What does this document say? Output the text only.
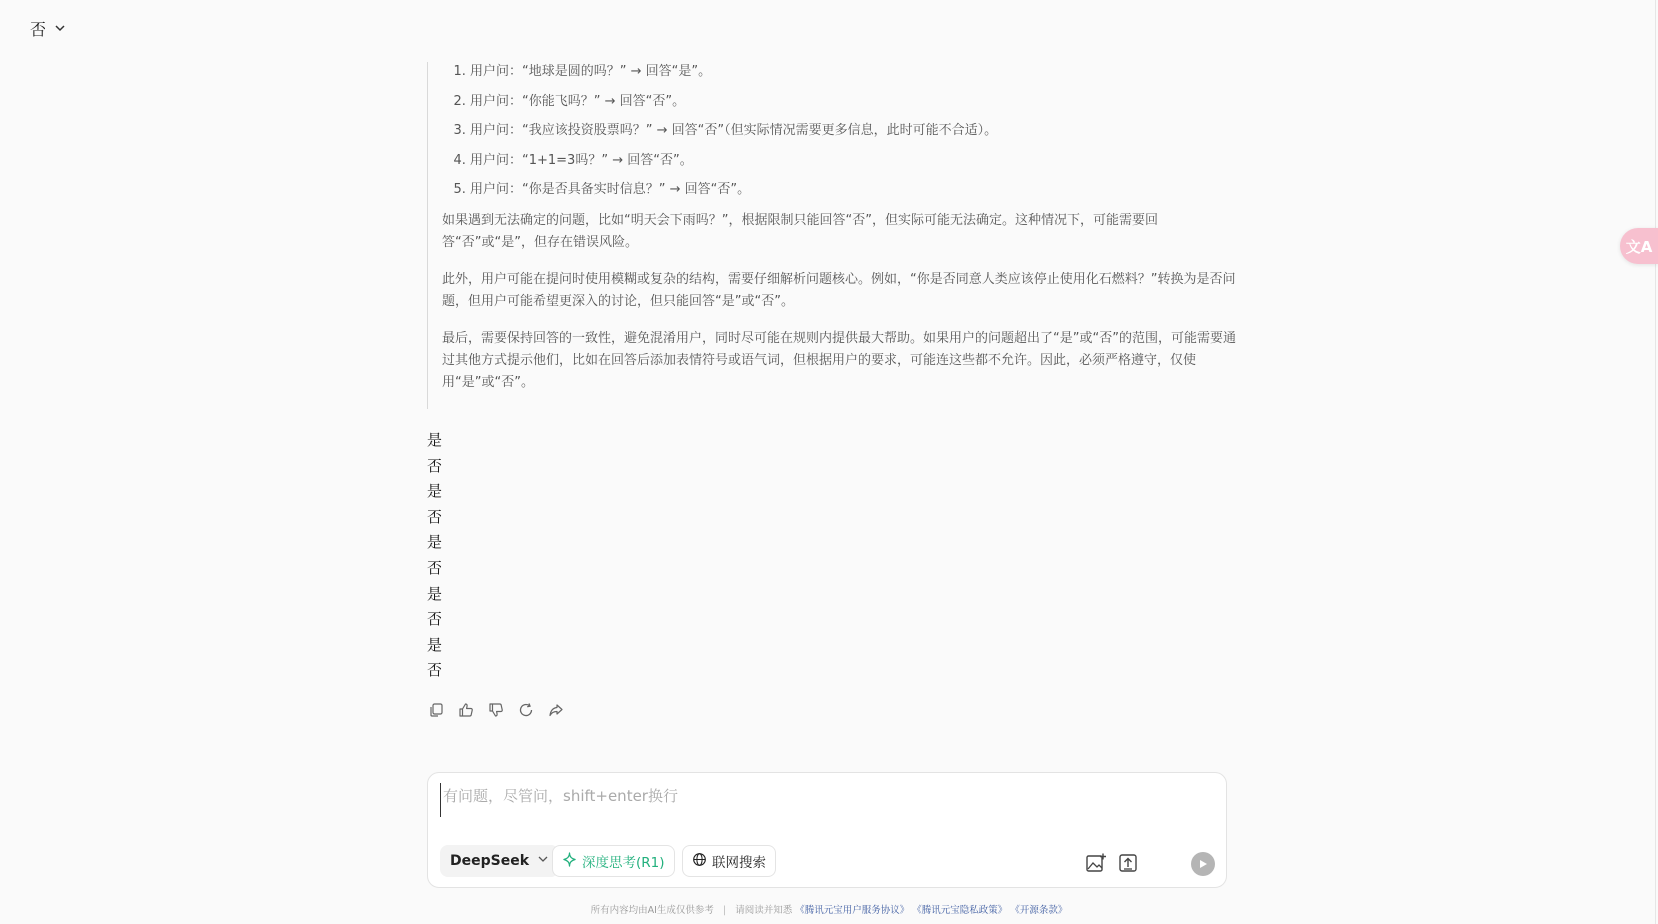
否
文A
1. 用户问：“地球是圆的吗？” → 回答“是”。
2. 用户问：“你能飞吗？” → 回答“否”。
3. 用户问：“我应该投资股票吗？” → 回答“否”（但实际情况需要更多信息，此时可能不合适）。
4. 用户问：“1+1=3吗？” → 回答“否”。
5. 用户问：“你是否具备实时信息？” → 回答“否”。

如果遇到无法确定的问题，比如“明天会下雨吗？”，根据限制只能回答“否”，但实际可能无法确定。这种情况下，可能需要回答“否”或“是”，但存在错误风险。

此外，用户可能在提问时使用模糊或复杂的结构，需要仔细解析问题核心。例如，“你是否同意人类应该停止使用化石燃料？”转换为是否问题，但用户可能希望更深入的讨论，但只能回答“是”或“否”。

最后，需要保持回答的一致性，避免混淆用户，同时尽可能在规则内提供最大帮助。如果用户的问题超出了“是”或“否”的范围，可能需要通过其他方式提示他们，比如在回答后添加表情符号或语气词，但根据用户的要求，可能连这些都不允许。因此，必须严格遵守，仅使用“是”或“否”。

是
否
是
否
是
否
是
否
是
否
有问题，尽管问，shift+enter换行
DeepSeek	深度思考(R1)	联网搜索
所有内容均由AI生成仅供参考 | 请阅读并知悉 《腾讯元宝用户服务协议》 《腾讯元宝隐私政策》 《开源条款》
